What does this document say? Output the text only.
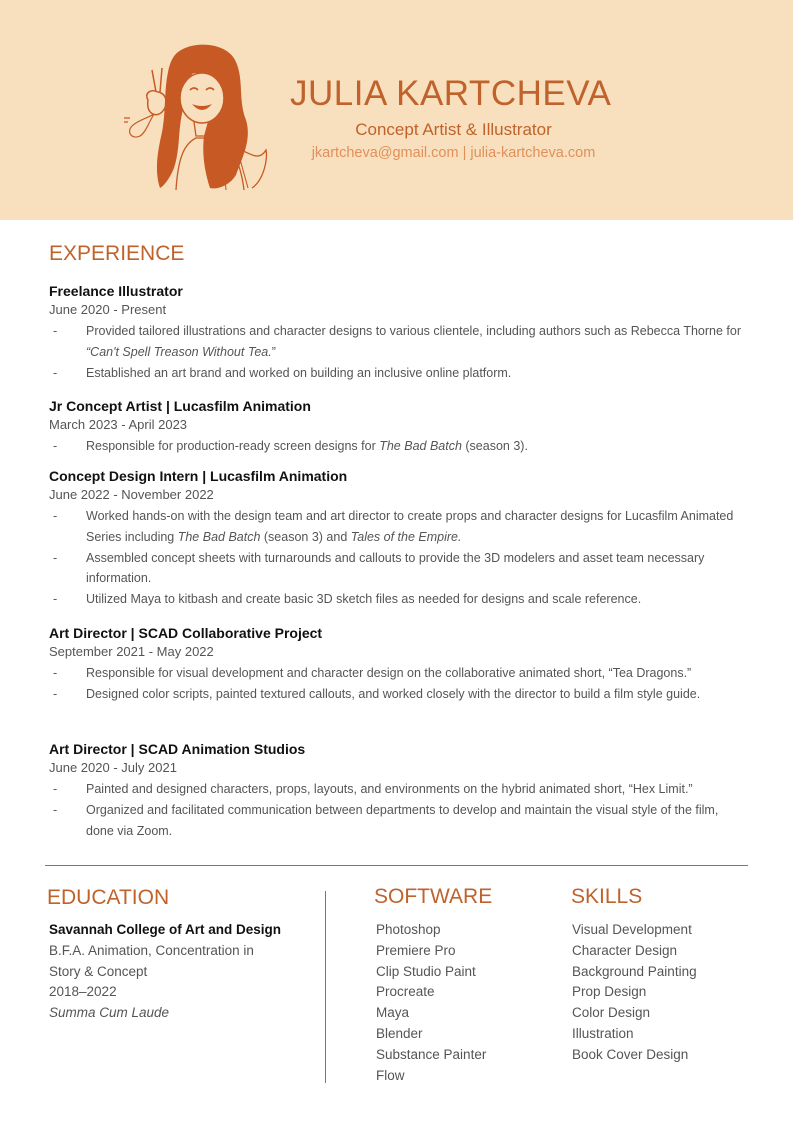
JULIA KARTCHEVA
Concept Artist & Illustrator
jkartcheva@gmail.com | julia-kartcheva.com
EXPERIENCE
Freelance Illustrator
June 2020 - Present
- Provided tailored illustrations and character designs to various clientele, including authors such as Rebecca Thorne for “Can't Spell Treason Without Tea.”
- Established an art brand and worked on building an inclusive online platform.
Jr Concept Artist | Lucasfilm Animation
March 2023 - April 2023
- Responsible for production-ready screen designs for The Bad Batch (season 3).
Concept Design Intern | Lucasfilm Animation
June 2022 - November 2022
- Worked hands-on with the design team and art director to create props and character designs for Lucasfilm Animated Series including The Bad Batch (season 3) and Tales of the Empire.
- Assembled concept sheets with turnarounds and callouts to provide the 3D modelers and asset team necessary information.
- Utilized Maya to kitbash and create basic 3D sketch files as needed for designs and scale reference.
Art Director | SCAD Collaborative Project
September 2021 - May 2022
- Responsible for visual development and character design on the collaborative animated short, “Tea Dragons.”
- Designed color scripts, painted textured callouts, and worked closely with the director to build a film style guide.
Art Director | SCAD Animation Studios
June 2020 - July 2021
- Painted and designed characters, props, layouts, and environments on the hybrid animated short, “Hex Limit.”
- Organized and facilitated communication between departments to develop and maintain the visual style of the film, done via Zoom.
EDUCATION
Savannah College of Art and Design
B.F.A. Animation, Concentration in
Story & Concept
2018–2022
Summa Cum Laude
SOFTWARE
Photoshop
Premiere Pro
Clip Studio Paint
Procreate
Maya
Blender
Substance Painter
Flow
SKILLS
Visual Development
Character Design
Background Painting
Prop Design
Color Design
Illustration
Book Cover Design
